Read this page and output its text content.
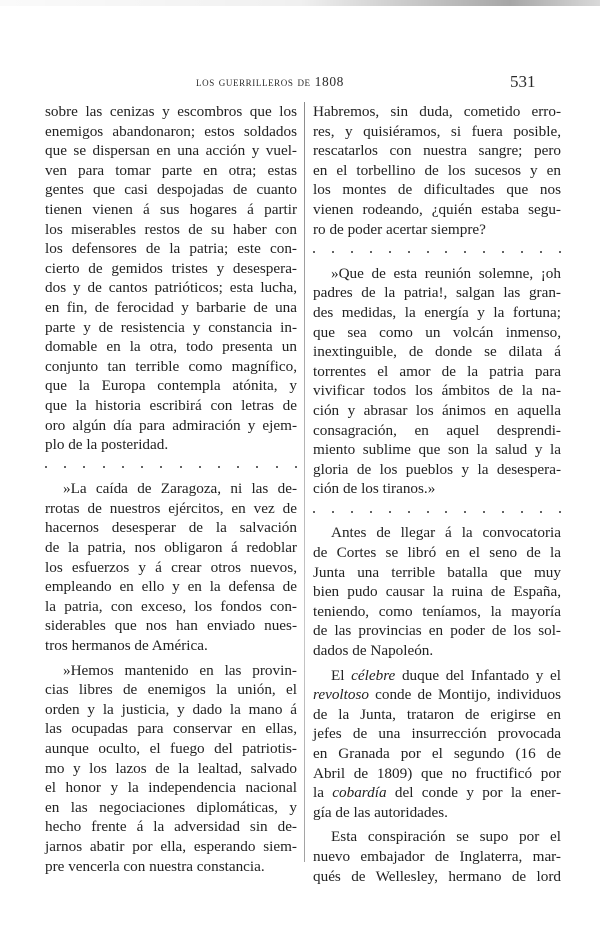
los guerrilleros de 1808	531
sobre las cenizas y escombros que los
enemigos abandonaron; estos soldados
que se dispersan en una acción y vuel-
ven para tomar parte en otra; estas
gentes que casi despojadas de cuanto
tienen vienen á sus hogares á partir
los miserables restos de su haber con
los defensores de la patria; este con-
cierto de gemidos tristes y desespera-
dos y de cantos patrióticos; esta lucha,
en fin, de ferocidad y barbarie de una
parte y de resistencia y constancia in-
domable en la otra, todo presenta un
conjunto tan terrible como magnífico,
que la Europa contempla atónita, y
que la historia escribirá con letras de
oro algún día para admiración y ejem-
plo de la posteridad.
»La caída de Zaragoza, ni las de-
rrotas de nuestros ejércitos, en vez de
hacernos desesperar de la salvación
de la patria, nos obligaron á redoblar
los esfuerzos y á crear otros nuevos,
empleando en ello y en la defensa de
la patria, con exceso, los fondos con-
siderables que nos han enviado nues-
tros hermanos de América.
»Hemos mantenido en las provin-
cias libres de enemigos la unión, el
orden y la justicia, y dado la mano á
las ocupadas para conservar en ellas,
aunque oculto, el fuego del patriotis-
mo y los lazos de la lealtad, salvado
el honor y la independencia nacional
en las negociaciones diplomáticas, y
hecho frente á la adversidad sin de-
jarnos abatir por ella, esperando siem-
pre vencerla con nuestra constancia.
Habremos, sin duda, cometido erro-
res, y quisiéramos, si fuera posible,
rescatarlos con nuestra sangre; pero
en el torbellino de los sucesos y en
los montes de dificultades que nos
vienen rodeando, ¿quién estaba segu-
ro de poder acertar siempre?
»Que de esta reunión solemne, ¡oh
padres de la patria!, salgan las gran-
des medidas, la energía y la fortuna;
que sea como un volcán inmenso,
inextinguible, de donde se dilata á
torrentes el amor de la patria para
vivificar todos los ámbitos de la na-
ción y abrasar los ánimos en aquella
consagración, en aquel desprendi-
miento sublime que son la salud y la
gloria de los pueblos y la desespera-
ción de los tiranos.»
Antes de llegar á la convocatoria
de Cortes se libró en el seno de la
Junta una terrible batalla que muy
bien pudo causar la ruina de España,
teniendo, como teníamos, la mayoría
de las provincias en poder de los sol-
dados de Napoleón.
El célebre duque del Infantado y el
revoltoso conde de Montijo, individuos
de la Junta, trataron de erigirse en
jefes de una insurrección provocada
en Granada por el segundo (16 de
Abril de 1809) que no fructificó por
la cobardía del conde y por la ener-
gía de las autoridades.
Esta conspiración se supo por el
nuevo embajador de Inglaterra, mar-
qués de Wellesley, hermano de lord
